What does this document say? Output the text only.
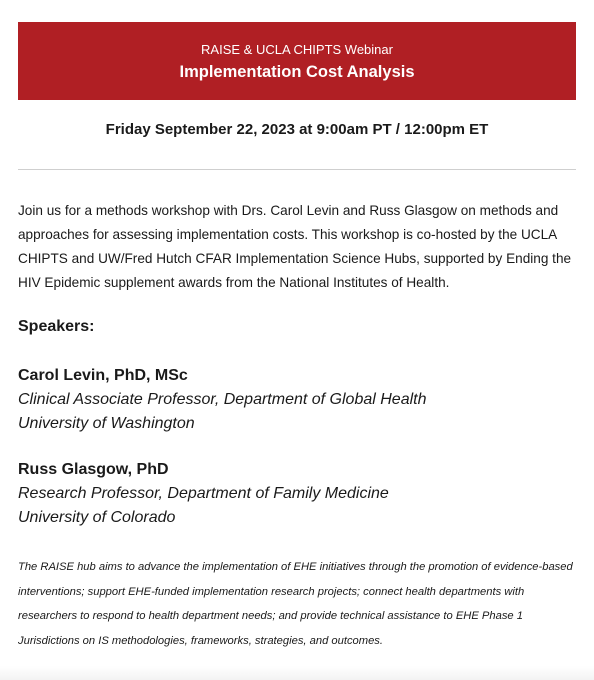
RAISE & UCLA CHIPTS Webinar
Implementation Cost Analysis
Friday September 22, 2023 at 9:00am PT / 12:00pm ET

Join us for a methods workshop with Drs. Carol Levin and Russ Glasgow on methods and approaches for assessing implementation costs. This workshop is co-hosted by the UCLA CHIPTS and UW/Fred Hutch CFAR Implementation Science Hubs, supported by Ending the HIV Epidemic supplement awards from the National Institutes of Health.

Speakers:
Carol Levin, PhD, MSc
Clinical Associate Professor, Department of Global Health
University of Washington
Russ Glasgow, PhD
Research Professor, Department of Family Medicine
University of Colorado

The RAISE hub aims to advance the implementation of EHE initiatives through the promotion of evidence-based interventions; support EHE-funded implementation research projects; connect health departments with researchers to respond to health department needs; and provide technical assistance to EHE Phase 1 Jurisdictions on IS methodologies, frameworks, strategies, and outcomes.
